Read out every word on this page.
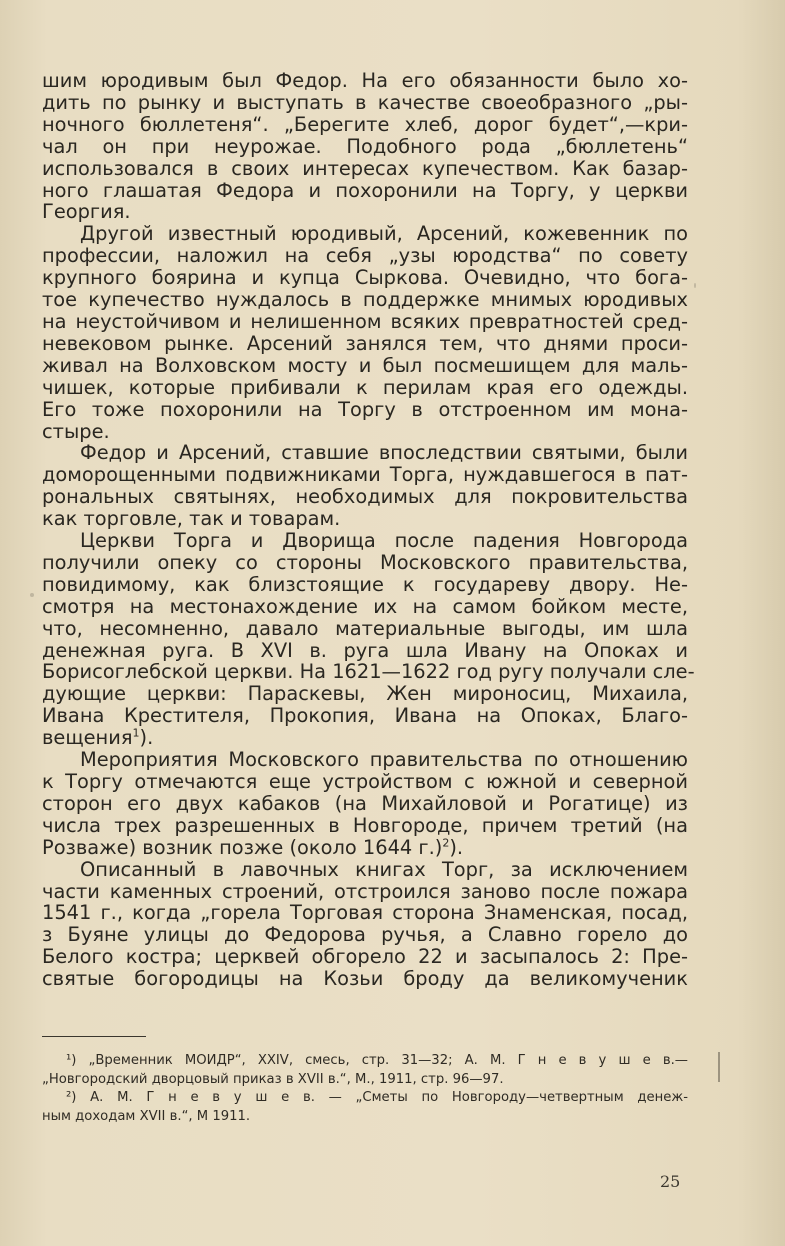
шим юродивым был Федор. На его обязанности было хо-
дить по рынку и выступать в качестве своеобразного „ры-
ночного бюллетеня“. „Берегите хлеб, дорог будет“,—кри-
чал он при неурожае. Подобного рода „бюллетень“
использовался в своих интересах купечеством. Как базар-
ного глашатая Федора и похоронили на Торгу, у церкви
Георгия.
Другой известный юродивый, Арсений, кожевенник по
профессии, наложил на себя „узы юродства“ по совету
крупного боярина и купца Сыркова. Очевидно, что бога-
тое купечество нуждалось в поддержке мнимых юродивых
на неустойчивом и нелишенном всяких превратностей сред-
невековом рынке. Арсений занялся тем, что днями проси-
живал на Волховском мосту и был посмешищем для маль-
чишек, которые прибивали к перилам края его одежды.
Его тоже похоронили на Торгу в отстроенном им мона-
стыре.
Федор и Арсений, ставшие впоследствии святыми, были
доморощенными подвижниками Торга, нуждавшегося в пат-
рональных святынях, необходимых для покровительства
как торговле, так и товарам.
Церкви Торга и Дворища после падения Новгорода
получили опеку со стороны Московского правительства,
повидимому, как близстоящие к государеву двору. Не-
смотря на местонахождение их на самом бойком месте,
что, несомненно, давало материальные выгоды, им шла
денежная руга. В XVI в. руга шла Ивану на Опоках и
Борисоглебской церкви. На 1621—1622 год ругу получали сле-
дующие церкви: Параскевы, Жен мироносиц, Михаила,
Ивана Крестителя, Прокопия, Ивана на Опоках, Благо-
вещения$^1$).
Мероприятия Московского правительства по отношению
к Торгу отмечаются еще устройством с южной и северной
сторон его двух кабаков (на Михайловой и Рогатице) из
числа трех разрешенных в Новгороде, причем третий (на
Розваже) возник позже (около 1644 г.)$^2$).
Описанный в лавочных книгах Торг, за исключением
части каменных строений, отстроился заново после пожара
1541 г., когда „горела Торговая сторона Знаменская, посад,
з Буяне улицы до Федорова ручья, а Славно горело до
Белого кострa; церквей обгорело 22 и засыпалось 2: Пре-
святые богородицы на Козьи броду да великомученик
¹) „Временник МОИДР“, XXIV, смесь, стр. 31—32; А. М. Г н е в у ш е в.—
„Новгородский дворцовый приказ в XVII в.“, М., 1911, стр. 96—97.
²) А. М. Г н е в у ш е в. — „Сметы по Новгороду—четвертным денеж-
ным доходам XVII в.“, М 1911.
25
